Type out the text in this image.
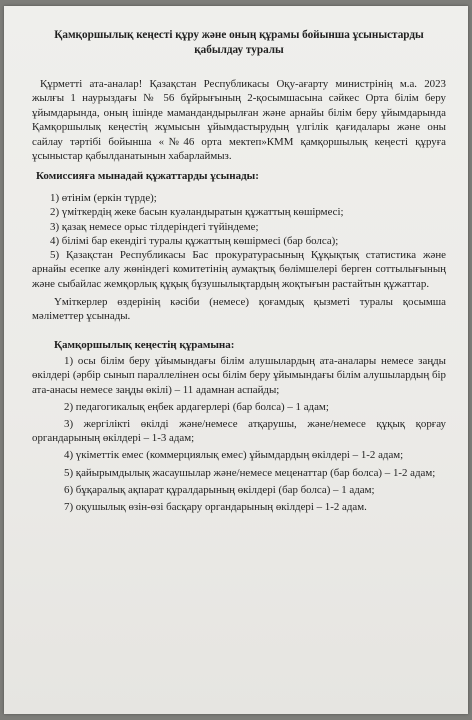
Қамқоршылық кеңесті құру және оның құрамы бойынша ұсыныстарды қабылдау туралы

Құрметті ата-аналар! Қазақстан Республикасы Оқу-ағарту министрінің м.а. 2023 жылғы 1 наурыздағы № 56 бұйрығының 2-қосымшасына сәйкес Орта білім беру ұйымдарында, оның ішінде мамандандырылған және арнайы білім беру ұйымдарында Қамқоршылық кеңестің жұмысын ұйымдастырудың үлгілік қағидалары және оны сайлау тәртібі бойынша «№46 орта мектеп»КММ қамқоршылық кеңесті құруға ұсыныстар қабылданатынын хабарлаймыз.

Комиссияға мынадай құжаттарды ұсынады:

1) өтінім (еркін түрде);

2) үміткердің жеке басын куәландыратын құжаттың көшірмесі;

3) қазақ немесе орыс тілдеріндегі түйіндеме;

4) білімі бар екендігі туралы құжаттың көшірмесі (бар болса);

5) Қазақстан Республикасы Бас прокуратурасының Құқықтық статистика және арнайы есепке алу жөніндегі комитетінің аумақтық бөлімшелері берген соттылығының және сыбайлас жемқорлық құқық бұзушылықтардың жоқтығын растайтын құжаттар.

Үміткерлер өздерінің кәсіби (немесе) қоғамдық қызметі туралы қосымша мәліметтер ұсынады.

Қамқоршылық кеңестің құрамына:

1) осы білім беру ұйымындағы білім алушылардың ата-аналары немесе заңды өкілдері (әрбір сынып параллелінен осы білім беру ұйымындағы білім алушылардың бір ата-анасы немесе заңды өкілі) – 11 адамнан аспайды;

2) педагогикалық еңбек ардагерлері (бар болса) – 1 адам;

3) жергілікті өкілді және/немесе атқарушы, және/немесе құқық қорғау органдарының өкілдері – 1-3 адам;

4) үкіметтік емес (коммерциялық емес) ұйымдардың өкілдері – 1-2 адам;

5) қайырымдылық жасаушылар және/немесе меценаттар (бар болса) – 1-2 адам;

6) бұқаралық ақпарат құралдарының өкілдері (бар болса) – 1 адам;

7) оқушылық өзін-өзі басқару органдарының өкілдері – 1-2 адам.
